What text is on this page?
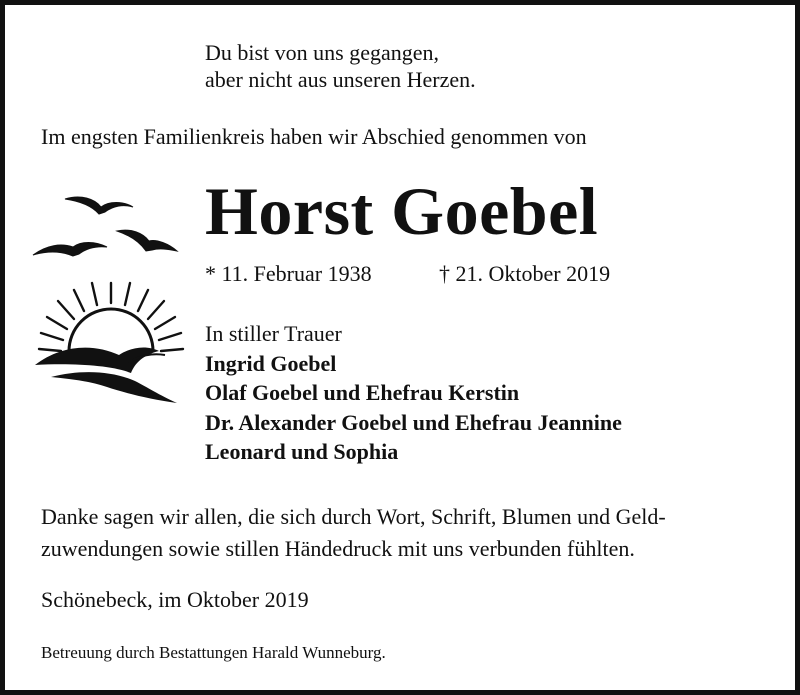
Du bist von uns gegangen,
aber nicht aus unseren Herzen.
Im engsten Familienkreis haben wir Abschied genommen von
Horst Goebel
* 11. Februar 1938	† 21. Oktober 2019
In stiller Trauer
Ingrid Goebel
Olaf Goebel und Ehefrau Kerstin
Dr. Alexander Goebel und Ehefrau Jeannine
Leonard und Sophia
Danke sagen wir allen, die sich durch Wort, Schrift, Blumen und Geld-
zuwendungen sowie stillen Händedruck mit uns verbunden fühlten.
Schönebeck, im Oktober 2019
Betreuung durch Bestattungen Harald Wunneburg.
